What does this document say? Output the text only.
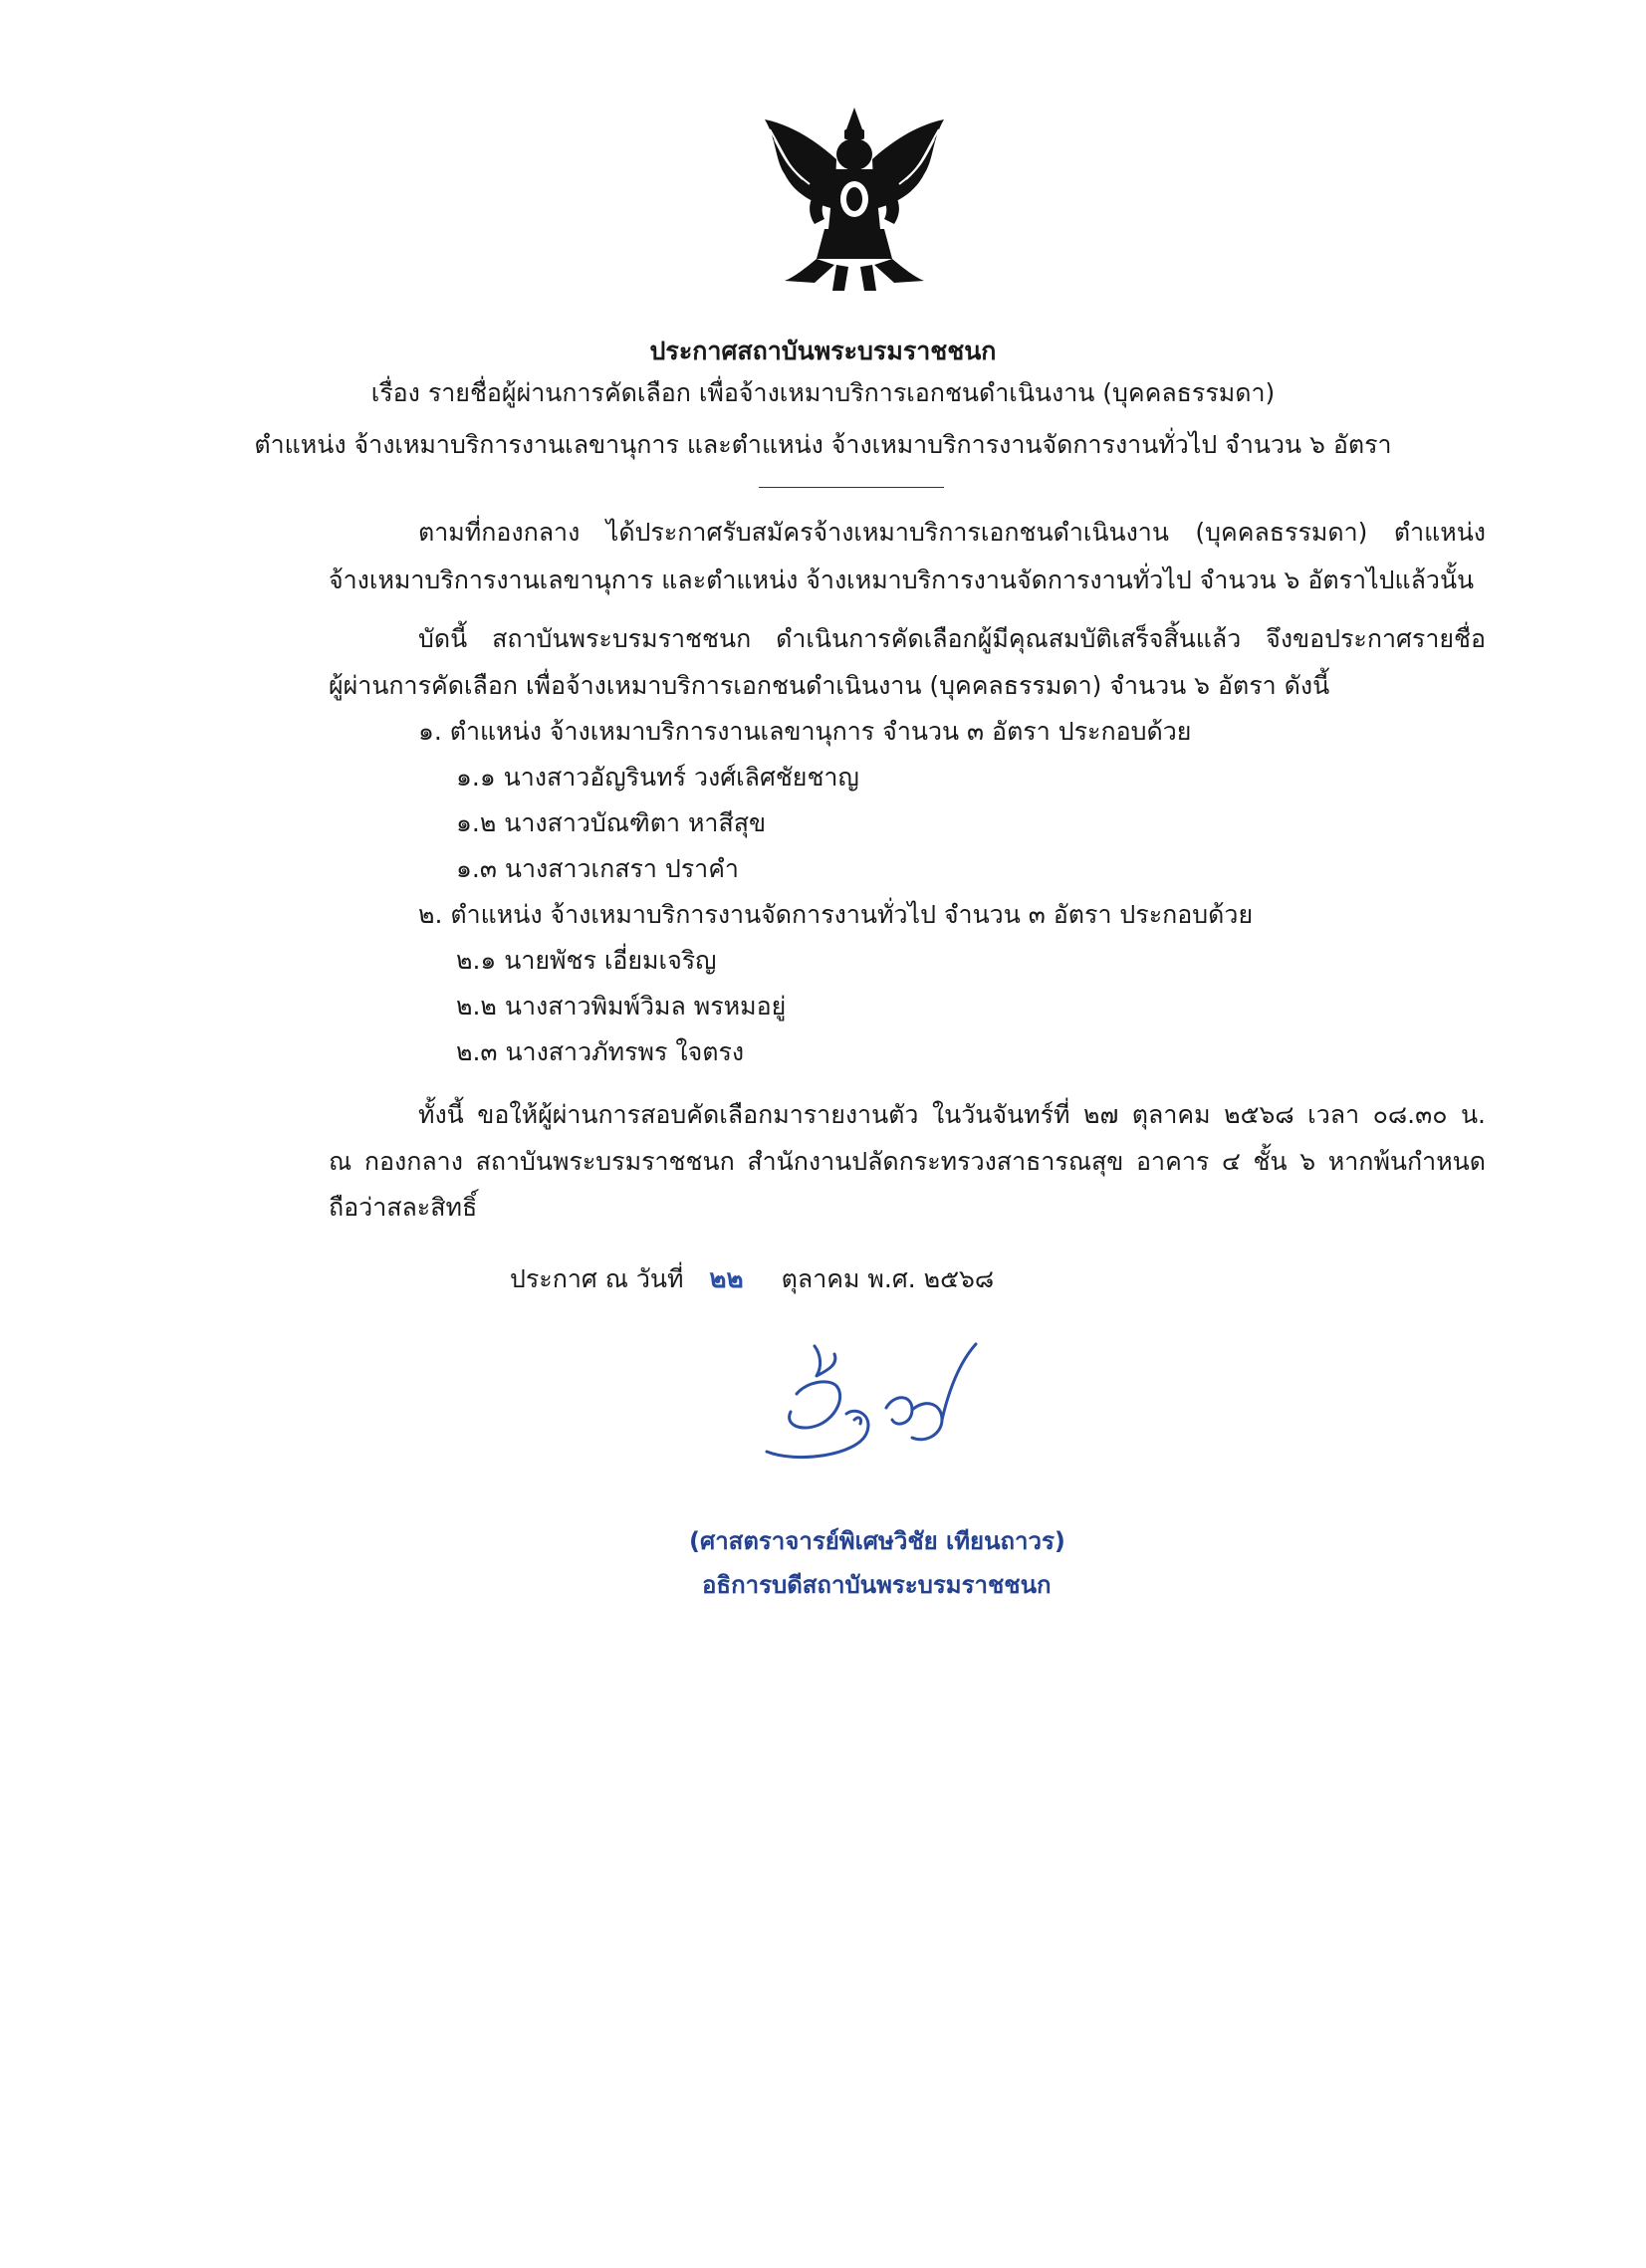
ประกาศสถาบันพระบรมราชชนก
เรื่อง รายชื่อผู้ผ่านการคัดเลือก เพื่อจ้างเหมาบริการเอกชนดำเนินงาน (บุคคลธรรมดา)
ตำแหน่ง จ้างเหมาบริการงานเลขานุการ และตำแหน่ง จ้างเหมาบริการงานจัดการงานทั่วไป จำนวน ๖ อัตรา
ตามที่กองกลาง ได้ประกาศรับสมัครจ้างเหมาบริการเอกชนดำเนินงาน (บุคคลธรรมดา) ตำแหน่ง
จ้างเหมาบริการงานเลขานุการ และตำแหน่ง จ้างเหมาบริการงานจัดการงานทั่วไป จำนวน ๖ อัตราไปแล้วนั้น
บัดนี้ สถาบันพระบรมราชชนก ดำเนินการคัดเลือกผู้มีคุณสมบัติเสร็จสิ้นแล้ว จึงขอประกาศรายชื่อ
ผู้ผ่านการคัดเลือก เพื่อจ้างเหมาบริการเอกชนดำเนินงาน (บุคคลธรรมดา) จำนวน ๖ อัตรา ดังนี้
๑. ตำแหน่ง จ้างเหมาบริการงานเลขานุการ จำนวน ๓ อัตรา ประกอบด้วย
๑.๑ นางสาวอัญรินทร์ วงศ์เลิศชัยชาญ
๑.๒ นางสาวบัณฑิตา หาสีสุข
๑.๓ นางสาวเกสรา ปราคำ
๒. ตำแหน่ง จ้างเหมาบริการงานจัดการงานทั่วไป จำนวน ๓ อัตรา ประกอบด้วย
๒.๑ นายพัชร เอี่ยมเจริญ
๒.๒ นางสาวพิมพ์วิมล พรหมอยู่
๒.๓ นางสาวภัทรพร ใจตรง
ทั้งนี้ ขอให้ผู้ผ่านการสอบคัดเลือกมารายงานตัว ในวันจันทร์ที่ ๒๗ ตุลาคม ๒๕๖๘ เวลา ๐๘.๓๐ น.
ณ กองกลาง สถาบันพระบรมราชชนก สำนักงานปลัดกระทรวงสาธารณสุข อาคาร ๔ ชั้น ๖ หากพ้นกำหนด
ถือว่าสละสิทธิ์
ประกาศ ณ วันที่ ๒๒ ตุลาคม พ.ศ. ๒๕๖๘
(ศาสตราจารย์พิเศษวิชัย เทียนถาวร)
อธิการบดีสถาบันพระบรมราชชนก
